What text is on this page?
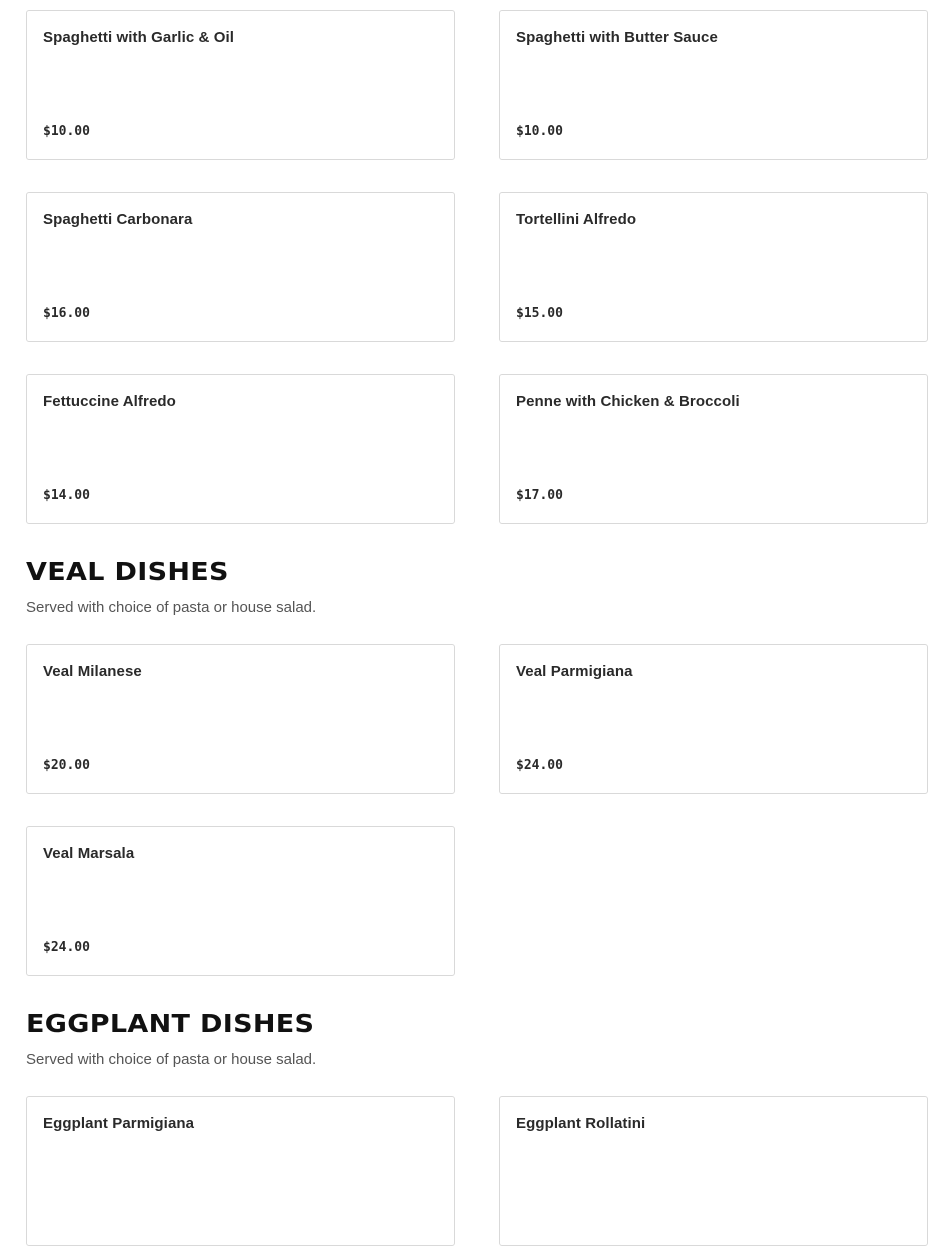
Spaghetti with Garlic & Oil
$10.00
Spaghetti with Butter Sauce
$10.00
Spaghetti Carbonara
$16.00
Tortellini Alfredo
$15.00
Fettuccine Alfredo
$14.00
Penne with Chicken & Broccoli
$17.00
VEAL DISHES

Served with choice of pasta or house salad.

Veal Milanese
$20.00
Veal Parmigiana
$24.00
Veal Marsala
$24.00
EGGPLANT DISHES

Served with choice of pasta or house salad.

Eggplant Parmigiana	Eggplant Rollatini
